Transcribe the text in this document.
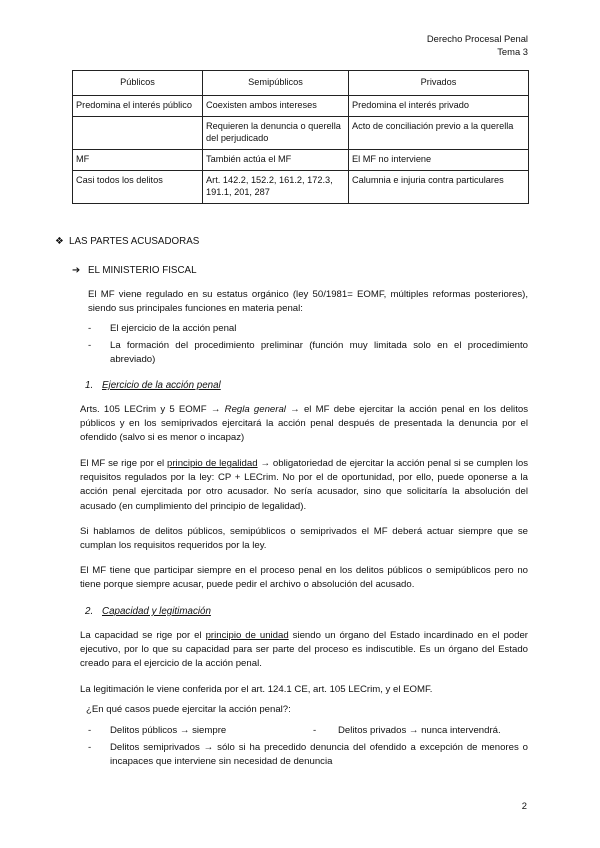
Derecho Procesal Penal
Tema 3
Públicos	Semipúblicos	Privados
Predomina el interés público	Coexisten ambos intereses	Predomina el interés privado
	Requieren la denuncia o querella del perjudicado	Acto de conciliación previo a la querella
MF	También actúa el MF	El MF no interviene
Casi todos los delitos	Art. 142.2, 152.2, 161.2, 172.3, 191.1, 201, 287	Calumnia e injuria contra particulares
❖ LAS PARTES ACUSADORAS
➔ EL MINISTERIO FISCAL

El MF viene regulado en su estatus orgánico (ley 50/1981= EOMF, múltiples reformas posteriores), siendo sus principales funciones en materia penal:

- El ejercicio de la acción penal
- La formación del procedimiento preliminar (función muy limitada solo en el procedimiento abreviado)
1. Ejercicio de la acción penal

Arts. 105 LECrim y 5 EOMF → Regla general → el MF debe ejercitar la acción penal en los delitos públicos y en los semiprivados ejercitará la acción penal después de presentada la denuncia por el ofendido (salvo si es menor o incapaz)

El MF se rige por el principio de legalidad → obligatoriedad de ejercitar la acción penal si se cumplen los requisitos regulados por la ley: CP + LECrim. No por el de oportunidad, por ello, puede oponerse a la acción penal ejercitada por otro acusador. No sería acusador, sino que solicitaría la absolución del acusado (en cumplimiento del principio de legalidad).

Si hablamos de delitos públicos, semipúblicos o semiprivados el MF deberá actuar siempre que se cumplan los requisitos requeridos por la ley.

El MF tiene que participar siempre en el proceso penal en los delitos públicos o semipúblicos pero no tiene porque siempre acusar, puede pedir el archivo o absolución del acusado.

2. Capacidad y legitimación

La capacidad se rige por el principio de unidad siendo un órgano del Estado incardinado en el poder ejecutivo, por lo que su capacidad para ser parte del proceso es indiscutible. Es un órgano del Estado creado para el ejercicio de la acción penal.

La legitimación le viene conferida por el art. 124.1 CE, art. 105 LECrim, y el EOMF.

¿En qué casos puede ejercitar la acción penal?:

- Delitos públicos → siempre	- Delitos privados → nunca intervendrá.
- Delitos semiprivados → sólo si ha precedido denuncia del ofendido a excepción de menores o incapaces que interviene sin necesidad de denuncia
2
